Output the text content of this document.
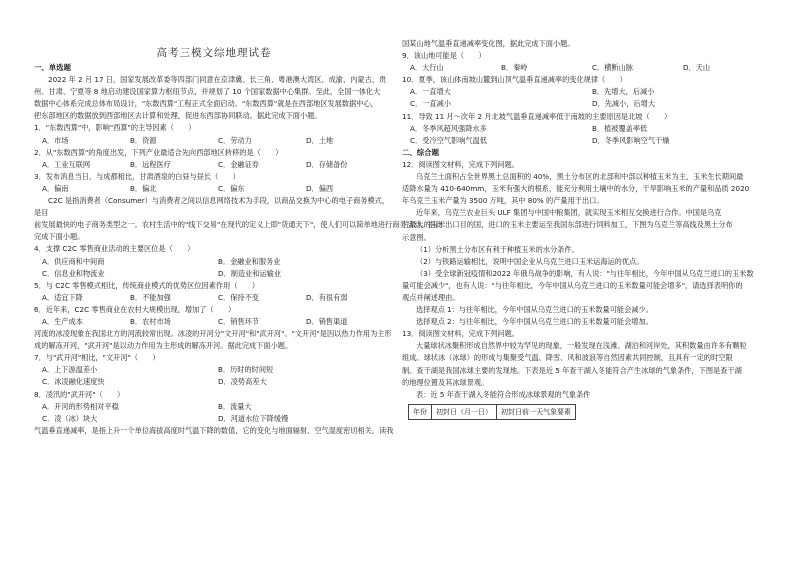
高考三模文综地理试卷
一、单选题

2022 年 2 月 17 日，国家发展改革委等四部门同意在京津冀、长三角、粤港澳大湾区、成渝、内蒙古、贵

州、甘肃、宁夏等 8 地启动建设国家算力枢纽节点，并规划了 10 个国家数据中心集群。至此，全国一体化大

数据中心体系完成总体布局设计，"东数西算"工程正式全面启动。"东数西算"就是在西部地区发展数据中心，

把东部地区的数据放到西部地区去计算和处理，促进东西部协同联动。据此完成下面小题。

1．"东数西算"中，影响"西算"的主导因素（　　）

A．市场	B．资源	C．劳动力	D．土地

2．从"东数西算"的角度出发，下列产业最适合先向西部地区转移的是（　　）

A．工业互联网	B．远程医疗	C．金融证券	D．存储备份

3．发布消息当日，与成都相比，甘肃酒泉的白昼与昼长（　　）

A．偏南	B．偏北	C．偏东	D．偏西

C2C 是指消费者（Consumer）与消费者之间以信息网络技术为手段，以商品交换为中心的电子商务模式，是目

前发展最快的电子商务类型之一。农村生活中的"线下交易"在现代的定义上即"货通天下"，使人们可以简单地进行商务活动。据此

完成下面小题。

4．支撑 C2C 零售商业活动的主要区位是（　　）

A．供应商和中间商	B．金融业和服务业
C．信息业和物流业	D．制造业和运输业

5．与 C2C 零售模式相比，传统商业模式的优势区位因素作用（　　）

A．适宜下降	B．不能加强	C．保持不变	D．有很有弱

6．近年来，C2C 零售商业在农村大规模出现，增加了（　　）

A．生产成本	B．农村市场	C．销售环节	D．销售渠道

河流的冰凌现象在我国北方的河流较常出现。冰凌的开河分"文开河"和"武开河"。"文开河"是因以热力作用为主形

成的解冻开河，"武开河"是以动力作用为主形成的解冻开河。据此完成下面小题。

7．与"武开河"相比，"文开河"（　　）

A．上下游温差小	B．历时的时间短
C．冰凌融化速度快	D．凌势高差大

8．凌汛的"武开河"（　　）

A．开河的形势相对平稳	B．流量大
C．凌（冰）块大	D．河道水位下降缓慢

气温垂直递减率，是指上升一个单位海拔高度时气温下降的数值，它的变化与地面辐射、空气湿度密切相关。读我

国某山地气温垂直递减率变化图，据此完成下面小题。

9．该山地可能是（　　）

A．大行山	B．秦岭	C．横断山脉	D．天山

10．夏季，该山体南坡山麓到山顶气温垂直递减率的变化规律（　　）

A．一直增大	B．先增大，后减小
C．一直减小	D．先减小，后增大

11．导致 11 月～次年 2 月北坡气温垂直递减率低于南坡的主要原因是北坡（　　）

A．冬季风超风强降水多	B．植被覆盖率低
C．受冷空气影响气温低	D．冬季风影响空气干燥
二、综合题

12．阅读图文材料，完成下列问题。

乌克兰土面积占全世界黑土总面积的 40%，黑土分布区的北部和中部以种植玉米为主，玉米生长期间最

适降水量为 410-640mm，玉米有强大的根系，能充分利用土壤中的水分，干旱影响玉米的产量和品质 2020

年乌克兰玉米产量为 3500 万吨，其中 80% 的产量用于出口。

近年来，乌克兰农业巨头 ULF 集团与中国中粮集团，就实现玉米相互交换进行合作。中国是乌克

兰最大的玉米出口目的国，进口的玉米主要运至我国东部进行饲料加工，下图为乌克兰等高线及黑土分布

示意图。

（1）分析黑土分布区有利于种植玉米的水分条件。

（2）与铁路运输相比，说明中国企业从乌克兰进口玉米运海运的优点。

（3）受全球新冠疫情和2022 年俄乌战争的影响，有人说："与往年相比，今年中国从乌克兰进口的玉米数

量可能会减少"，也有人说："与往年相比，今年中国从乌克兰进口的玉米数量可能会增多"，请选择表明你的

观点并阐述理由。

选择观点 1：与往年相比，今年中国从乌克兰进口的玉米数量可能会减少。

选择观点 2：与往年相比，今年中国从乌克兰进口的玉米数量可能会增加。

13．阅读图文材料，完成下列问题。

大量球状冰聚积形成自然界中较为罕见的现象，一般发现在浅滩、湖泊和河岸处，其积数量由许多有颗粒

组成。球状冰（冰球）的形成与集聚受气温、降雪、风和波浪等自然因素共同控制，且具有一定的时空限

制。查干湖是我国冰球主要的发现地。下表是近 5 年查干湖入冬能符合产生冰球的气象条件，下图是查干湖

的地理位置及其冰球景观。

表：近 5 年查干湖入冬能符合形成冰球景观的气象条件

年份	初封日（月一日）	初封日前一天气象要素
